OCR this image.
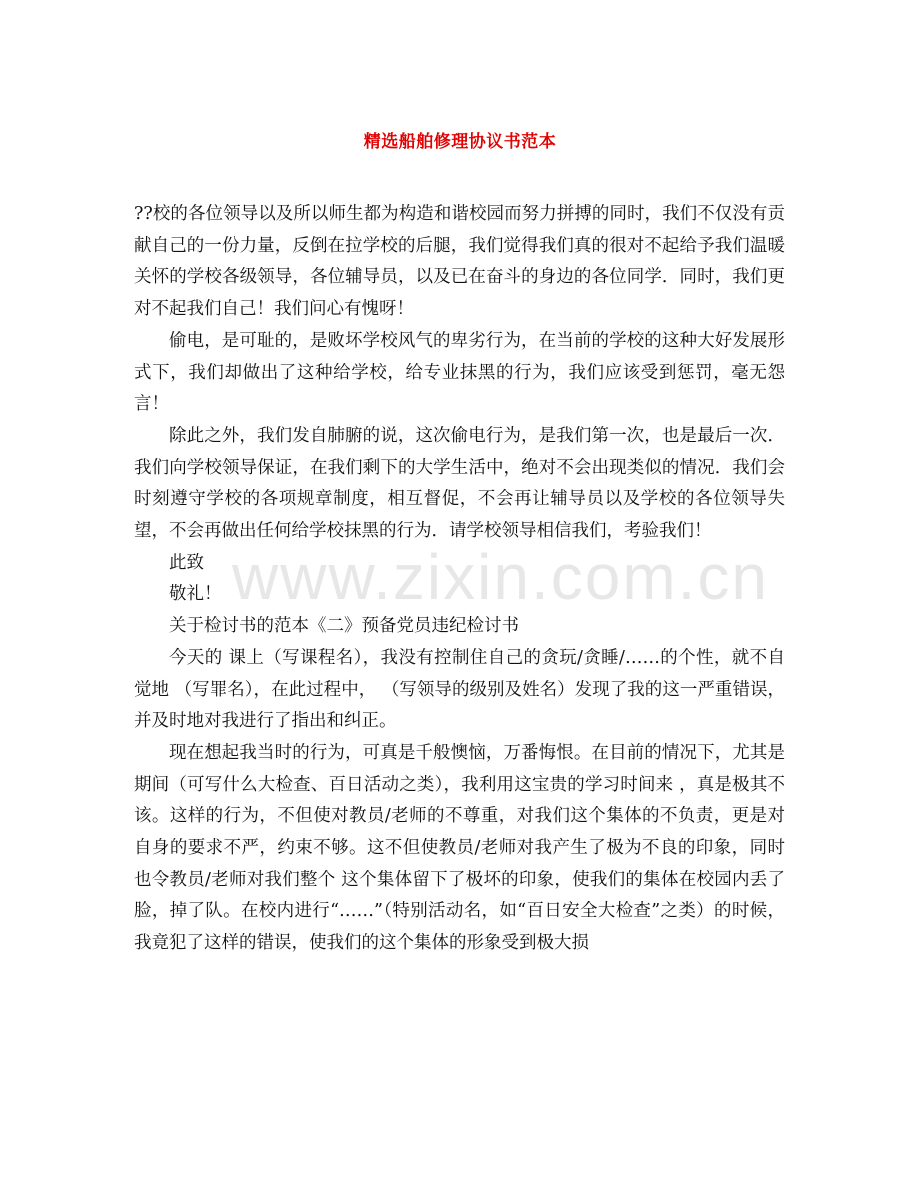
精选船舶修理协议书范本

??校的各位领导以及所以师生都为构造和谐校园而努力拼搏的同时，我们不仅没有贡献自己的一份力量，反倒在拉学校的后腿，我们觉得我们真的很对不起给予我们温暖关怀的学校各级领导，各位辅导员，以及已在奋斗的身边的各位同学．同时，我们更对不起我们自己！我们问心有愧呀！

偷电，是可耻的，是败坏学校风气的卑劣行为，在当前的学校的这种大好发展形式下，我们却做出了这种给学校，给专业抹黑的行为，我们应该受到惩罚，毫无怨言！

除此之外，我们发自肺腑的说，这次偷电行为，是我们第一次，也是最后一次．我们向学校领导保证，在我们剩下的大学生活中，绝对不会出现类似的情况．我们会时刻遵守学校的各项规章制度，相互督促，不会再让辅导员以及学校的各位领导失望，不会再做出任何给学校抹黑的行为．请学校领导相信我们，考验我们！

此致

敬礼！

关于检讨书的范本《二》预备党员违纪检讨书

今天的 课上（写课程名），我没有控制住自己的贪玩/贪睡/……的个性，就不自觉地 （写罪名），在此过程中， （写领导的级别及姓名）发现了我的这一严重错误，并及时地对我进行了指出和纠正。

现在想起我当时的行为，可真是千般懊恼，万番悔恨。在目前的情况下，尤其是 期间（可写什么大检查、百日活动之类），我利用这宝贵的学习时间来 ，真是极其不该。这样的行为，不但使对教员/老师的不尊重，对我们这个集体的不负责，更是对自身的要求不严，约束不够。这不但使教员/老师对我产生了极为不良的印象，同时也令教员/老师对我们整个 这个集体留下了极坏的印象，使我们的集体在校园内丢了脸，掉了队。在校内进行“……”（特别活动名，如“百日安全大检查”之类）的时候，我竟犯了这样的错误，使我们的这个集体的形象受到极大损

www.zixin.com.cn
